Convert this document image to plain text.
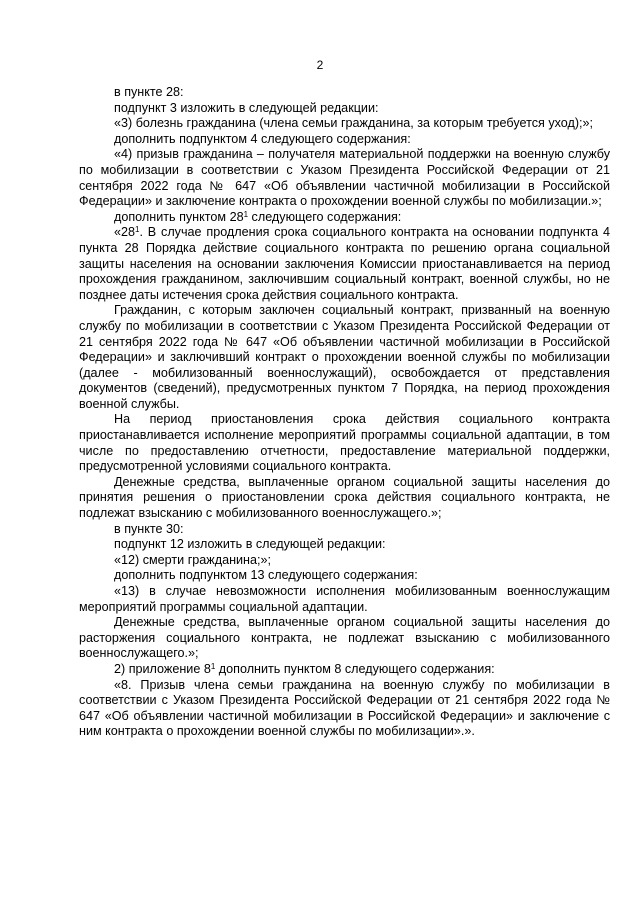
2

в пункте 28:

подпункт 3 изложить в следующей редакции:

«3) болезнь гражданина (члена семьи гражданина, за которым требуется уход);»;

дополнить подпунктом 4 следующего содержания:

«4) призыв гражданина – получателя материальной поддержки на военную службу по мобилизации в соответствии с Указом Президента Российской Федерации от 21 сентября 2022 года № 647 «Об объявлении частичной мобилизации в Российской Федерации» и заключение контракта о прохождении военной службы по мобилизации.»;

дополнить пунктом $28^1$ следующего содержания:

«$28^1$. В случае продления срока социального контракта на основании подпункта 4 пункта 28 Порядка действие социального контракта по решению органа социальной защиты населения на основании заключения Комиссии приостанавливается на период прохождения гражданином, заключившим социальный контракт, военной службы, но не позднее даты истечения срока действия социального контракта.

Гражданин, с которым заключен социальный контракт, призванный на военную службу по мобилизации в соответствии с Указом Президента Российской Федерации от 21 сентября 2022 года № 647 «Об объявлении частичной мобилизации в Российской Федерации» и заключивший контракт о прохождении военной службы по мобилизации (далее - мобилизованный военнослужащий), освобождается от представления документов (сведений), предусмотренных пунктом 7 Порядка, на период прохождения военной службы.

На период приостановления срока действия социального контракта приостанавливается исполнение мероприятий программы социальной адаптации, в том числе по предоставлению отчетности, предоставление материальной поддержки, предусмотренной условиями социального контракта.

Денежные средства, выплаченные органом социальной защиты населения до принятия решения о приостановлении срока действия социального контракта, не подлежат взысканию с мобилизованного военнослужащего.»;

в пункте 30:

подпункт 12 изложить в следующей редакции:

«12) смерти гражданина;»;

дополнить подпунктом 13 следующего содержания:

«13) в случае невозможности исполнения мобилизованным военнослужащим мероприятий программы социальной адаптации.

Денежные средства, выплаченные органом социальной защиты населения до расторжения социального контракта, не подлежат взысканию с мобилизованного военнослужащего.»;

2) приложение $8^1$ дополнить пунктом 8 следующего содержания:

«8. Призыв члена семьи гражданина на военную службу по мобилизации в соответствии с Указом Президента Российской Федерации от 21 сентября 2022 года № 647 «Об объявлении частичной мобилизации в Российской Федерации» и заключение с ним контракта о прохождении военной службы по мобилизации».».
